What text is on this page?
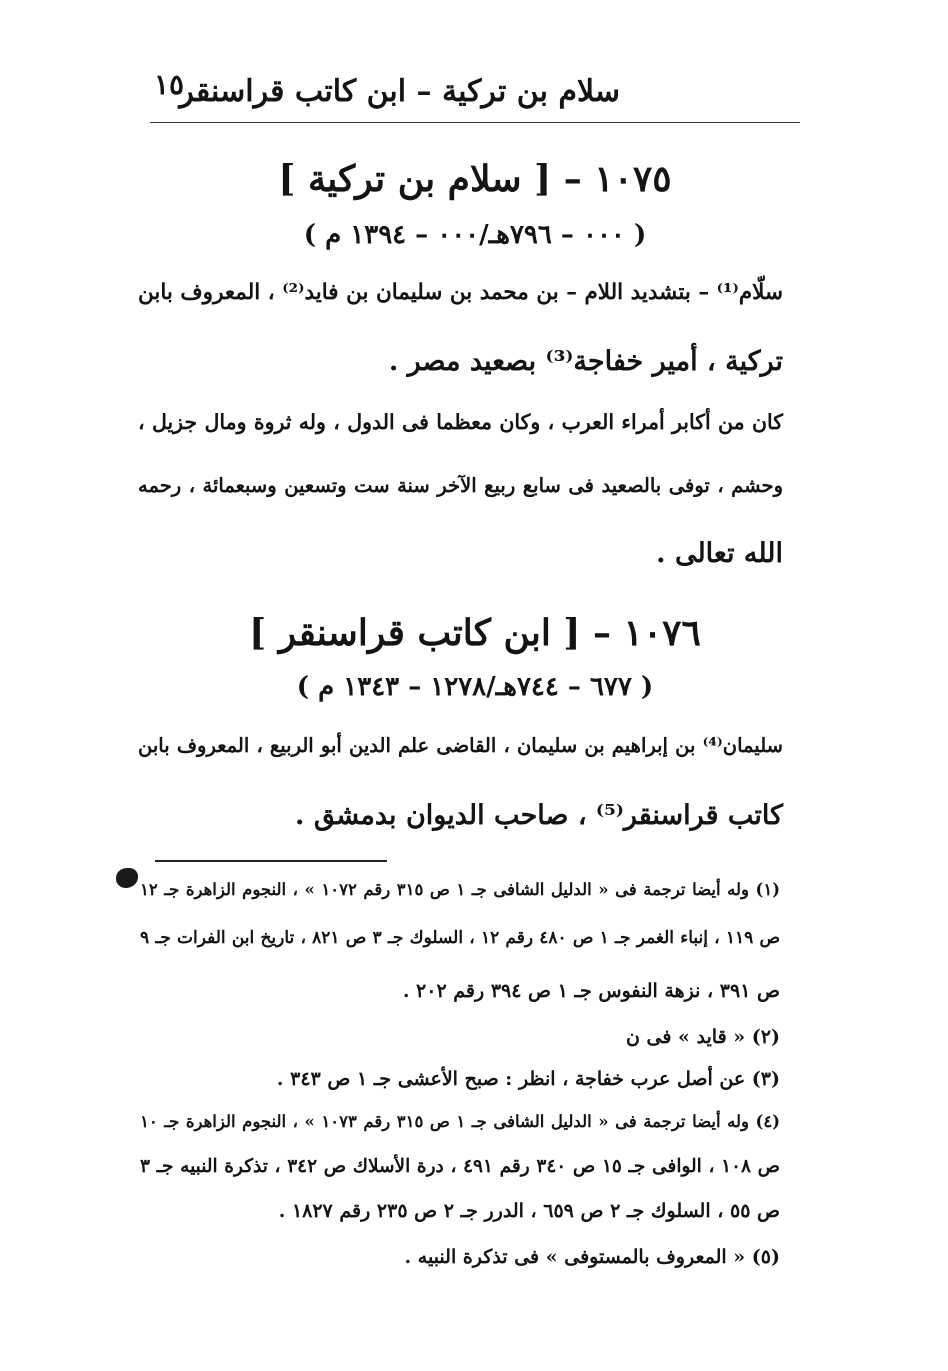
سلام بن تركية – ابن كاتب قراسنقر
١٥
١٠٧٥ – [ سلام بن تركية ]
( ٠٠٠ – ٧٩٦هـ/٠٠٠ – ١٣٩٤ م )
سلّام⁽¹⁾ – بتشديد اللام – بن محمد بن سليمان بن فايد⁽²⁾ ، المعروف بابن
تركية ، أمير خفاجة⁽³⁾ بصعيد مصر .
كان من أكابر أمراء العرب ، وكان معظما فى الدول ، وله ثروة ومال جزيل ،
وحشم ، توفى بالصعيد فى سابع ربيع الآخر سنة ست وتسعين وسبعمائة ، رحمه
الله تعالى .
١٠٧٦ – [ ابن كاتب قراسنقر ]
( ٦٧٧ – ٧٤٤هـ/١٢٧٨ – ١٣٤٣ م )
سليمان⁽⁴⁾ بن إبراهيم بن سليمان ، القاضى علم الدين أبو الربيع ، المعروف بابن
كاتب قراسنقر⁽⁵⁾ ، صاحب الديوان بدمشق .
(١) وله أيضا ترجمة فى « الدليل الشافى جـ ١ ص ٣١٥ رقم ١٠٧٢ » ، النجوم الزاهرة جـ ١٢
ص ١١٩ ، إنباء الغمر جـ ١ ص ٤٨٠ رقم ١٢ ، السلوك جـ ٣ ص ٨٢١ ، تاريخ ابن الفرات جـ ٩
ص ٣٩١ ، نزهة النفوس جـ ١ ص ٣٩٤ رقم ٢٠٢ .
(٢) « قايد » فى ن
(٣) عن أصل عرب خفاجة ، انظر : صبح الأعشى جـ ١ ص ٣٤٣ .
(٤) وله أيضا ترجمة فى « الدليل الشافى جـ ١ ص ٣١٥ رقم ١٠٧٣ » ، النجوم الزاهرة جـ ١٠
ص ١٠٨ ، الوافى جـ ١٥ ص ٣٤٠ رقم ٤٩١ ، درة الأسلاك ص ٣٤٢ ، تذكرة النبيه جـ ٣
ص ٥٥ ، السلوك جـ ٢ ص ٦٥٩ ، الدرر جـ ٢ ص ٢٣٥ رقم ١٨٢٧ .
(٥) « المعروف بالمستوفى » فى تذكرة النبيه .
